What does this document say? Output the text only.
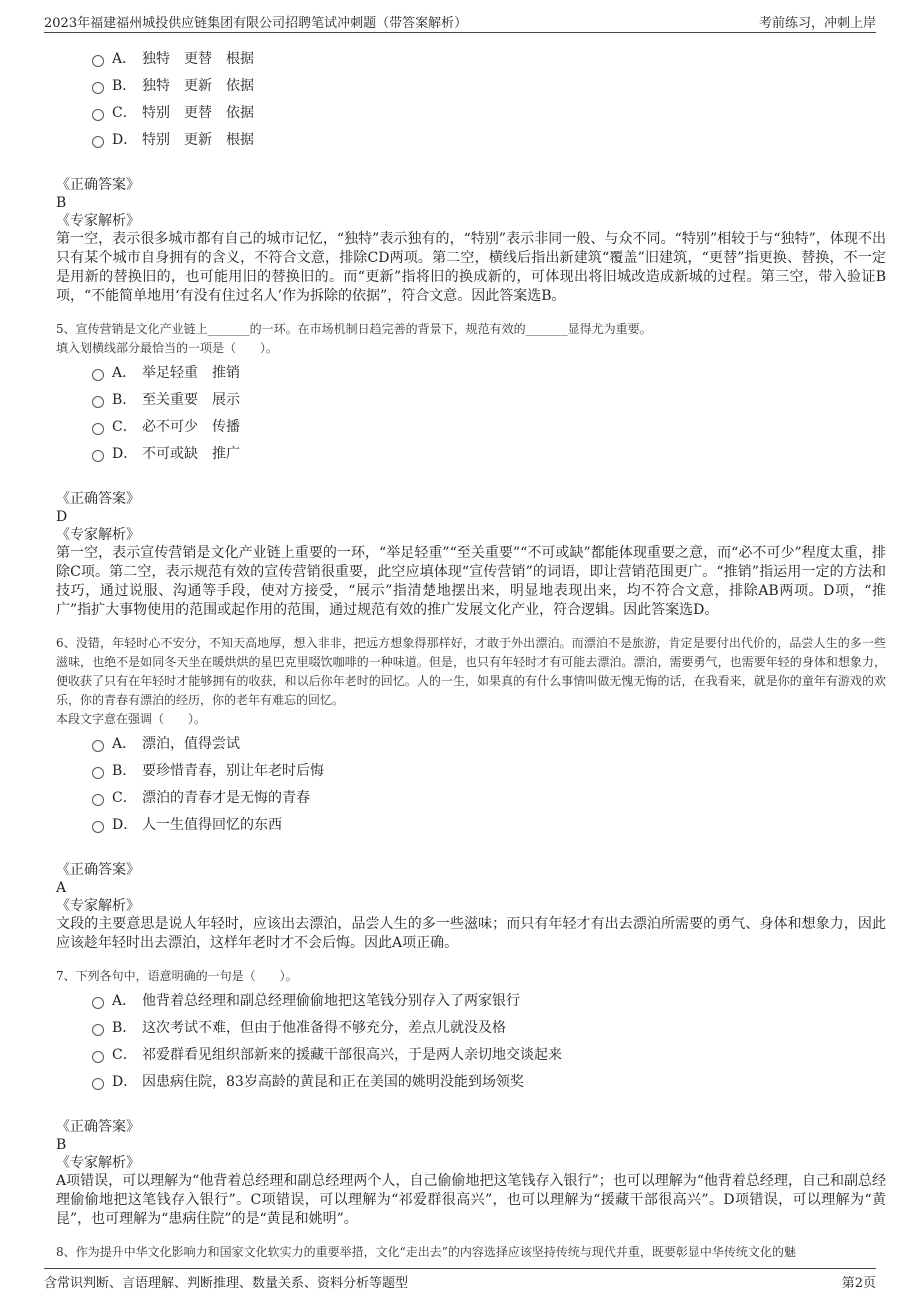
2023年福建福州城投供应链集团有限公司招聘笔试冲刺题（带答案解析）	考前练习，冲刺上岸
A． 独特　更替　根据
B． 独特　更新　依据
C． 特别　更替　依据
D． 特别　更新　根据
《正确答案》
B
《专家解析》
第一空，表示很多城市都有自己的城市记忆，“独特”表示独有的，“特别”表示非同一般、与众不同。“特别”相较于与“独特”，体现不出只有某个城市自身拥有的含义，不符合文意，排除CD两项。第二空，横线后指出新建筑“覆盖”旧建筑，“更替”指更换、替换，不一定是用新的替换旧的，也可能用旧的替换旧的。而“更新”指将旧的换成新的，可体现出将旧城改造成新城的过程。第三空，带入验证B项，“不能简单地用‘有没有住过名人’作为拆除的依据”，符合文意。因此答案选B。
5、宣传营销是文化产业链上_______的一环。在市场机制日趋完善的背景下，规范有效的_______显得尤为重要。
填入划横线部分最恰当的一项是（　　）。
A． 举足轻重　推销
B． 至关重要　展示
C． 必不可少　传播
D． 不可或缺　推广
《正确答案》
D
《专家解析》
第一空，表示宣传营销是文化产业链上重要的一环，“举足轻重”“至关重要”“不可或缺”都能体现重要之意，而“必不可少”程度太重，排除C项。第二空，表示规范有效的宣传营销很重要，此空应填体现“宣传营销”的词语，即让营销范围更广。“推销”指运用一定的方法和技巧，通过说服、沟通等手段，使对方接受，“展示”指清楚地摆出来，明显地表现出来，均不符合文意，排除AB两项。D项，“推广”指扩大事物使用的范围或起作用的范围，通过规范有效的推广发展文化产业，符合逻辑。因此答案选D。
6、没错，年轻时心不安分，不知天高地厚，想入非非，把远方想象得那样好，才敢于外出漂泊。而漂泊不是旅游，肯定是要付出代价的，品尝人生的多一些滋味，也绝不是如同冬天坐在暖烘烘的星巴克里啜饮咖啡的一种味道。但是，也只有年轻时才有可能去漂泊。漂泊，需要勇气，也需要年轻的身体和想象力，便收获了只有在年轻时才能够拥有的收获，和以后你年老时的回忆。人的一生，如果真的有什么事情叫做无愧无悔的话，在我看来，就是你的童年有游戏的欢乐，你的青春有漂泊的经历，你的老年有难忘的回忆。
本段文字意在强调（　　）。
A． 漂泊，值得尝试
B． 要珍惜青春，别让年老时后悔
C． 漂泊的青春才是无悔的青春
D． 人一生值得回忆的东西
《正确答案》
A
《专家解析》
文段的主要意思是说人年轻时，应该出去漂泊，品尝人生的多一些滋味；而只有年轻才有出去漂泊所需要的勇气、身体和想象力，因此应该趁年轻时出去漂泊，这样年老时才不会后悔。因此A项正确。
7、下列各句中，语意明确的一句是（　　）。
A． 他背着总经理和副总经理偷偷地把这笔钱分别存入了两家银行
B． 这次考试不难，但由于他准备得不够充分，差点儿就没及格
C． 祁爱群看见组织部新来的援藏干部很高兴，于是两人亲切地交谈起来
D． 因患病住院，83岁高龄的黄昆和正在美国的姚明没能到场领奖
《正确答案》
B
《专家解析》
A项错误，可以理解为“他背着总经理和副总经理两个人，自己偷偷地把这笔钱存入银行”；也可以理解为“他背着总经理，自己和副总经理偷偷地把这笔钱存入银行”。C项错误，可以理解为“祁爱群很高兴”，也可以理解为“援藏干部很高兴”。D项错误，可以理解为“黄昆”，也可理解为“患病住院”的是“黄昆和姚明”。
8、作为提升中华文化影响力和国家文化软实力的重要举措，文化“走出去”的内容选择应该坚持传统与现代并重，既要彰显中华传统文化的魅
含常识判断、言语理解、判断推理、数量关系、资料分析等题型	第2页
